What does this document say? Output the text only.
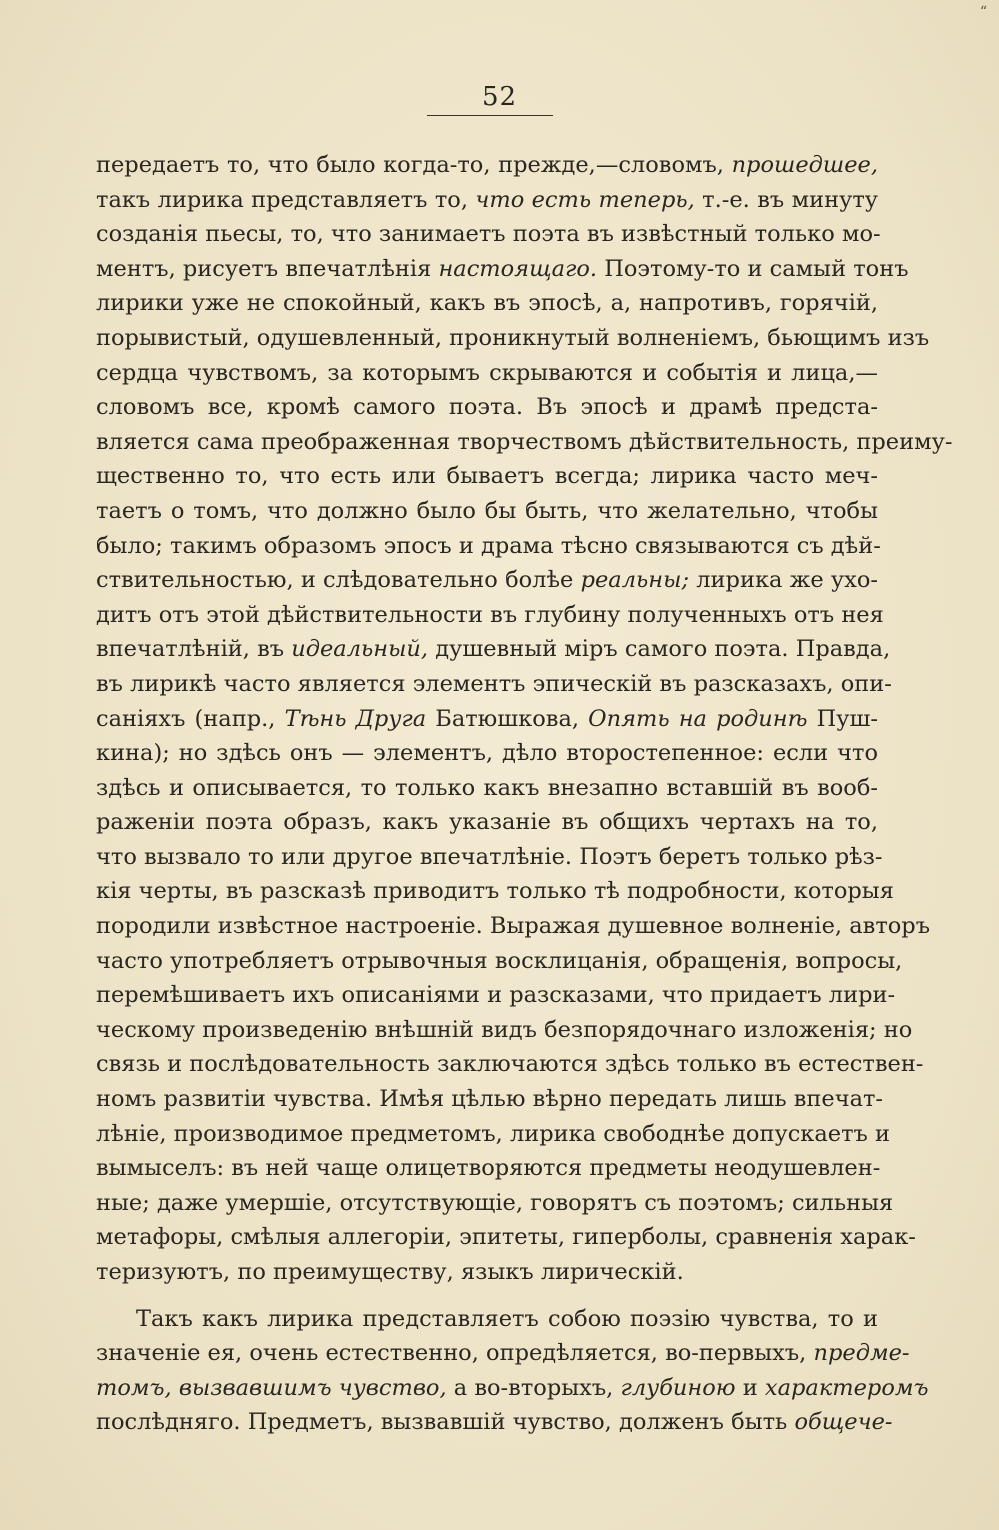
“
52
передаетъ то, что было когда-то, прежде,—словомъ, прошедшее,
такъ лирика представляетъ то, что есть теперь, т.-е. въ минуту
созданія пьесы, то, что занимаетъ поэта въ извѣстный только мо-
ментъ, рисуетъ впечатлѣнія настоящаго. Поэтому-то и самый тонъ
лирики уже не спокойный, какъ въ эпосѣ, а, напротивъ, горячій,
порывистый, одушевленный, проникнутый волненіемъ, бьющимъ изъ
сердца чувствомъ, за которымъ скрываются и событія и лица,—
словомъ все, кромѣ самого поэта. Въ эпосѣ и драмѣ предста-
вляется сама преображенная творчествомъ дѣйствительность, преиму-
щественно то, что есть или бываетъ всегда; лирика часто меч-
таетъ о томъ, что должно было бы быть, что желательно, чтобы
было; такимъ образомъ эпосъ и драма тѣсно связываются съ дѣй-
ствительностью, и слѣдовательно болѣе реальны; лирика же ухо-
дитъ отъ этой дѣйствительности въ глубину полученныхъ отъ нея
впечатлѣній, въ идеальный, душевный міръ самого поэта. Правда,
въ лирикѣ часто является элементъ эпическій въ разсказахъ, опи-
саніяхъ (напр., Тѣнь Друга Батюшкова, Опять на родинѣ Пуш-
кина); но здѣсь онъ — элементъ, дѣло второстепенное: если что
здѣсь и описывается, то только какъ внезапно вставшій въ вооб-
раженіи поэта образъ, какъ указаніе въ общихъ чертахъ на то,
что вызвало то или другое впечатлѣніе. Поэтъ беретъ только рѣз-
кія черты, въ разсказѣ приводитъ только тѣ подробности, которыя
породили извѣстное настроеніе. Выражая душевное волненіе, авторъ
часто употребляетъ отрывочныя восклицанія, обращенія, вопросы,
перемѣшиваетъ ихъ описаніями и разсказами, что придаетъ лири-
ческому произведенію внѣшній видъ безпорядочнаго изложенія; но
связь и послѣдовательность заключаются здѣсь только въ естествен-
номъ развитіи чувства. Имѣя цѣлью вѣрно передать лишь впечат-
лѣніе, производимое предметомъ, лирика свободнѣе допускаетъ и
вымыселъ: въ ней чаще олицетворяются предметы неодушевлен-
ные; даже умершіе, отсутствующіе, говорятъ съ поэтомъ; сильныя
метафоры, смѣлыя аллегоріи, эпитеты, гиперболы, сравненія харак-
теризуютъ, по преимуществу, языкъ лирическій.
Такъ какъ лирика представляетъ собою поэзію чувства, то и
значеніе ея, очень естественно, опредѣляется, во-первыхъ, предме-
томъ, вызвавшимъ чувство, а во-вторыхъ, глубиною и характеромъ
послѣдняго. Предметъ, вызвавшій чувство, долженъ быть общече-
